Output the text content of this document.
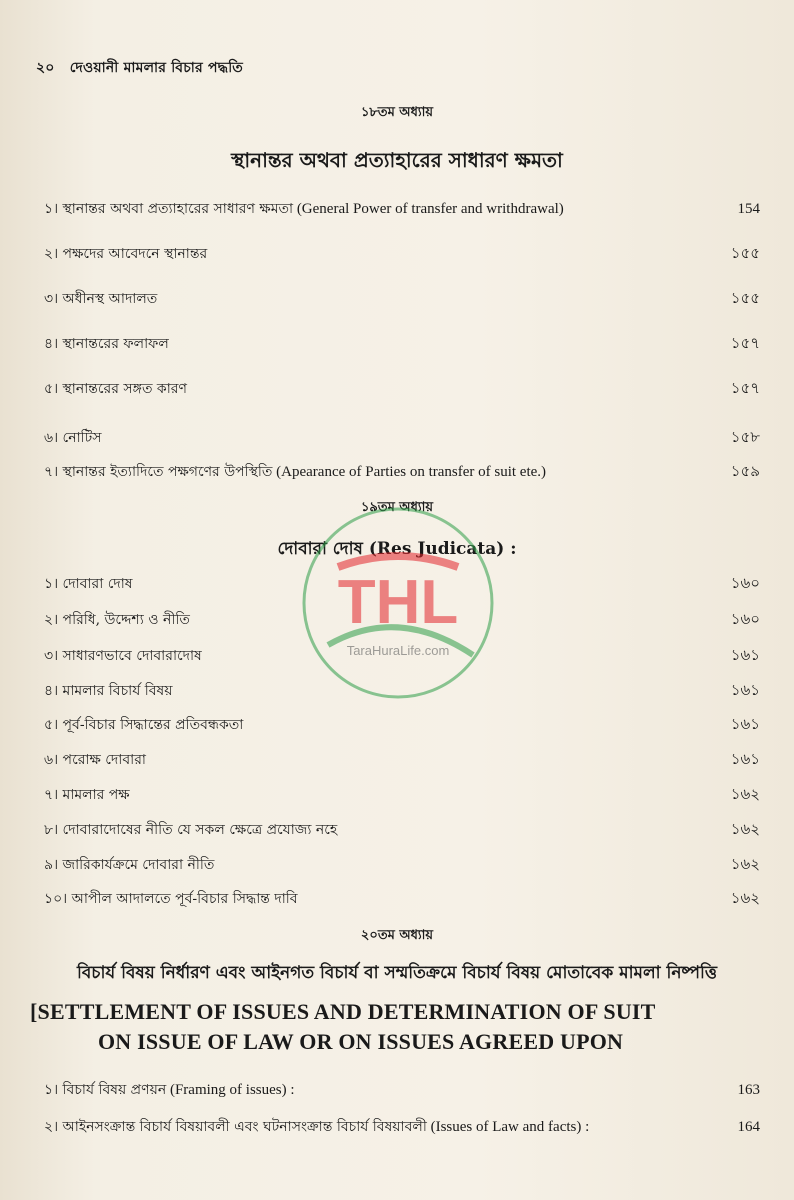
২০ দেওয়ানী মামলার বিচার পদ্ধতি
১৮তম অধ্যায়
স্থানান্তর অথবা প্রত্যাহারের সাধারণ ক্ষমতা
১। স্থানান্তর অথবা প্রত্যাহারের সাধারণ ক্ষমতা (General Power of transfer and writhdrawal)	154
২। পক্ষদের আবেদনে স্থানান্তর	১৫৫
৩। অধীনস্থ আদালত	১৫৫
৪। স্থানান্তরের ফলাফল	১৫৭
৫। স্থানান্তরের সঙ্গত কারণ	১৫৭
৬। নোটিস	১৫৮
৭। স্থানান্তর ইত্যাদিতে পক্ষগণের উপস্থিতি (Apearance of Parties on transfer of suit ete.)	১৫৯
১৯তম অধ্যায়
দোবারা দোষ (Res Judicata) :
১। দোবারা দোষ	১৬০
২। পরিধি, উদ্দেশ্য ও নীতি	১৬০
৩। সাধারণভাবে দোবারাদোষ	১৬১
৪। মামলার বিচার্য বিষয়	১৬১
৫। পূর্ব-বিচার সিদ্ধান্তের প্রতিবন্ধকতা	১৬১
৬। পরোক্ষ দোবারা	১৬১
৭। মামলার পক্ষ	১৬২
৮। দোবারাদোষের নীতি যে সকল ক্ষেত্রে প্রযোজ্য নহে	১৬২
৯। জারিকার্যক্রমে দোবারা নীতি	১৬২
১০। আপীল আদালতে পূর্ব-বিচার সিদ্ধান্ত দাবি	১৬২
২০তম অধ্যায়
বিচার্য বিষয় নির্ধারণ এবং আইনগত বিচার্য বা সম্মতিক্রমে বিচার্য বিষয় মোতাবেক মামলা নিষ্পত্তি
[SETTLEMENT OF ISSUES AND DETERMINATION OF SUIT
ON ISSUE OF LAW OR ON ISSUES AGREED UPON
১। বিচার্য বিষয় প্রণয়ন (Framing of issues) :	163
২। আইনসংক্রান্ত বিচার্য বিষয়াবলী এবং ঘটনাসংক্রান্ত বিচার্য বিষয়াবলী (Issues of Law and facts) :	164
THL
TaraHuraLife.com
